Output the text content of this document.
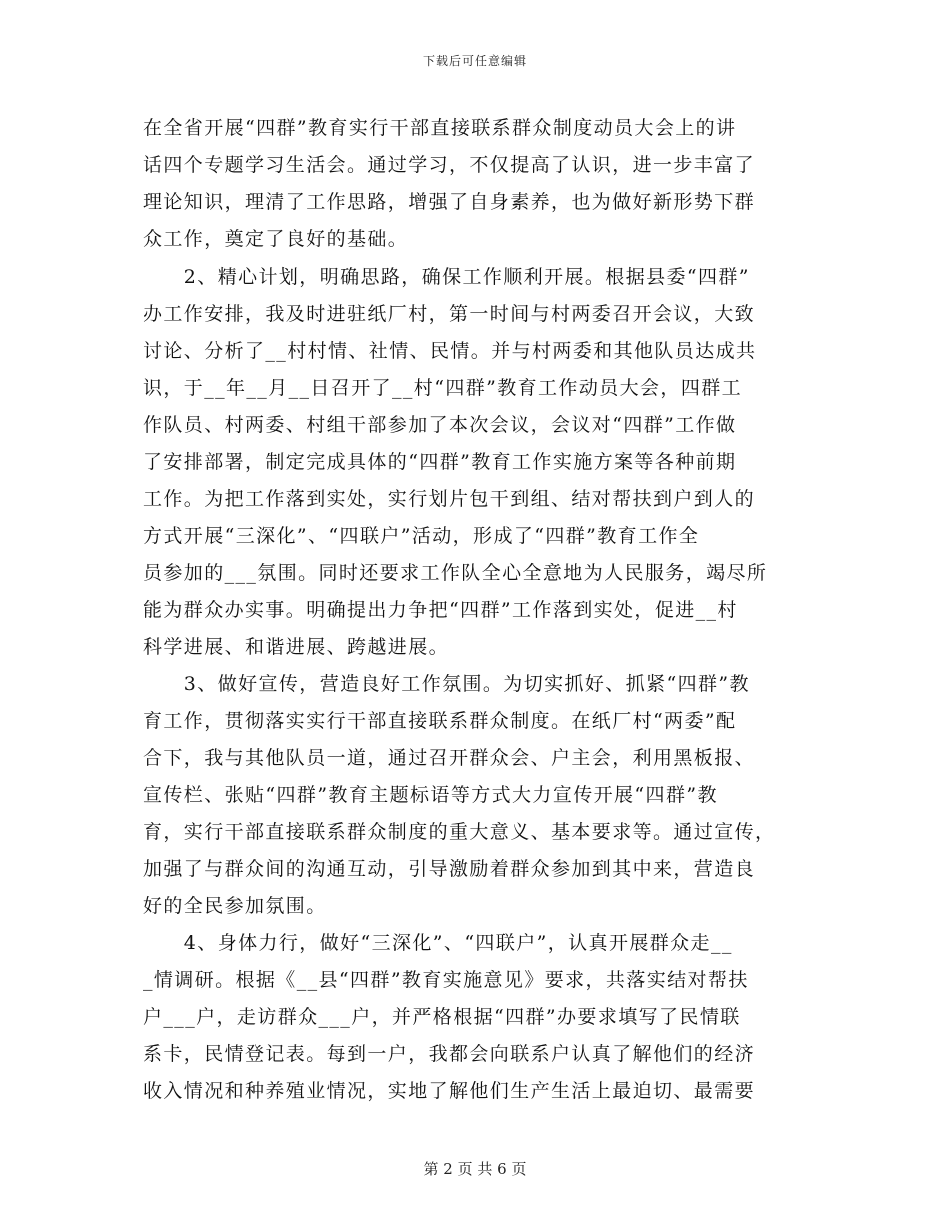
下载后可任意编辑
在全省开展“四群”教育实行干部直接联系群众制度动员大会上的讲
话四个专题学习生活会。通过学习，不仅提高了认识，进一步丰富了
理论知识，理清了工作思路，增强了自身素养，也为做好新形势下群
众工作，奠定了良好的基础。
　　2、精心计划，明确思路，确保工作顺利开展。根据县委“四群”
办工作安排，我及时进驻纸厂村，第一时间与村两委召开会议，大致
讨论、分析了__村村情、社情、民情。并与村两委和其他队员达成共
识，于__年__月__日召开了__村“四群”教育工作动员大会，四群工
作队员、村两委、村组干部参加了本次会议，会议对“四群”工作做
了安排部署，制定完成具体的“四群”教育工作实施方案等各种前期
工作。为把工作落到实处，实行划片包干到组、结对帮扶到户到人的
方式开展“三深化”、“四联户”活动，形成了“四群”教育工作全
员参加的___氛围。同时还要求工作队全心全意地为人民服务，竭尽所
能为群众办实事。明确提出力争把“四群”工作落到实处，促进__村
科学进展、和谐进展、跨越进展。
　　3、做好宣传，营造良好工作氛围。为切实抓好、抓紧“四群”教
育工作，贯彻落实实行干部直接联系群众制度。在纸厂村“两委”配
合下，我与其他队员一道，通过召开群众会、户主会，利用黑板报、
宣传栏、张贴“四群”教育主题标语等方式大力宣传开展“四群”教
育，实行干部直接联系群众制度的重大意义、基本要求等。通过宣传，
加强了与群众间的沟通互动，引导激励着群众参加到其中来，营造良
好的全民参加氛围。
　　4、身体力行，做好“三深化”、“四联户”，认真开展群众走__
_情调研。根据《__县“四群”教育实施意见》要求，共落实结对帮扶
户___户，走访群众___户，并严格根据“四群”办要求填写了民情联
系卡，民情登记表。每到一户，我都会向联系户认真了解他们的经济
收入情况和种养殖业情况，实地了解他们生产生活上最迫切、最需要
第 2 页 共 6 页
